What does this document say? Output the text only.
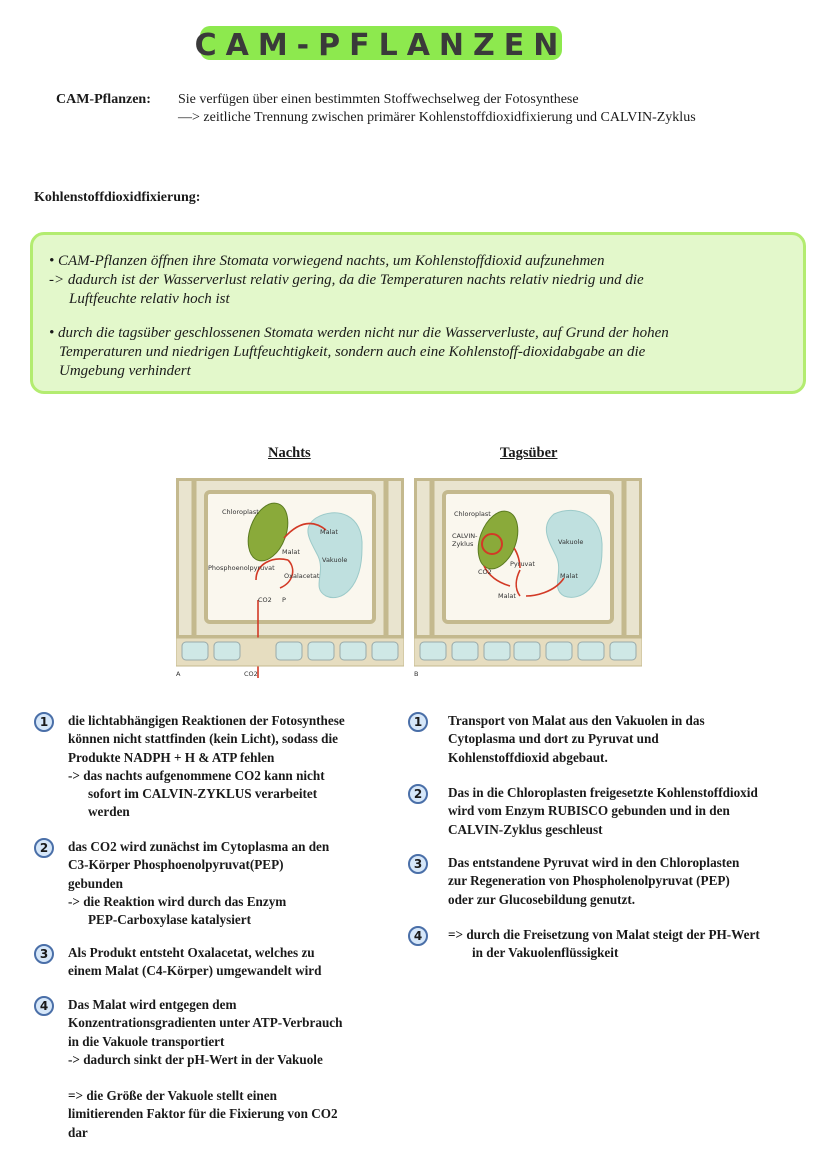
CAM-PFLANZEN
CAM-Pflanzen: Sie verfügen über einen bestimmten Stoffwechselweg der Fotosynthese
—> zeitliche Trennung zwischen primärer Kohlenstoffdioxidfixierung und CALVIN-Zyklus
Kohlenstoffdioxidfixierung:

• CAM-Pflanzen öffnen ihre Stomata vorwiegend nachts, um Kohlenstoffdioxid aufzunehmen

-> dadurch ist der Wasserverlust relativ gering, da die Temperaturen nachts relativ niedrig und die

Luftfeuchte relativ hoch ist

• durch die tagsüber geschlossenen Stomata werden nicht nur die Wasserverluste, auf Grund der hohen

Temperaturen und niedrigen Luftfeuchtigkeit, sondern auch eine Kohlenstoff-dioxidabgabe an die

Umgebung verhindert

Nachts	Tagsüber
Chloroplast
Malat
Malat
Vakuole
Phosphoenolpyruvat
Oxalacetat
CO2 P
CO2
A
Chloroplast
CALVIN-
Zyklus	Vakuole
Pyruvat
CO2	Malat
Malat
B
1	die lichtabhängigen Reaktionen der Fotosynthese
können nicht stattfinden (kein Licht), sodass die
Produkte NADPH + H & ATP fehlen
-> das nachts aufgenommene CO2 kann nicht
sofort im CALVIN-ZYKLUS verarbeitet
werden
2	das CO2 wird zunächst im Cytoplasma an den
C3-Körper Phosphoenolpyruvat(PEP)
gebunden
-> die Reaktion wird durch das Enzym
PEP-Carboxylase katalysiert
3	Als Produkt entsteht Oxalacetat, welches zu
einem Malat (C4-Körper) umgewandelt wird
4	Das Malat wird entgegen dem
Konzentrationsgradienten unter ATP-Verbrauch
in die Vakuole transportiert
-> dadurch sinkt der pH-Wert in der Vakuole
=> die Größe der Vakuole stellt einen
limitierenden Faktor für die Fixierung von CO2
dar
1	Transport von Malat aus den Vakuolen in das
Cytoplasma und dort zu Pyruvat und
Kohlenstoffdioxid abgebaut.
2	Das in die Chloroplasten freigesetzte Kohlenstoffdioxid
wird vom Enzym RUBISCO gebunden und in den
CALVIN-Zyklus geschleust
3	Das entstandene Pyruvat wird in den Chloroplasten
zur Regeneration von Phospholenolpyruvat (PEP)
oder zur Glucosebildung genutzt.
4	=> durch die Freisetzung von Malat steigt der PH-Wert
in der Vakuolenflüssigkeit
